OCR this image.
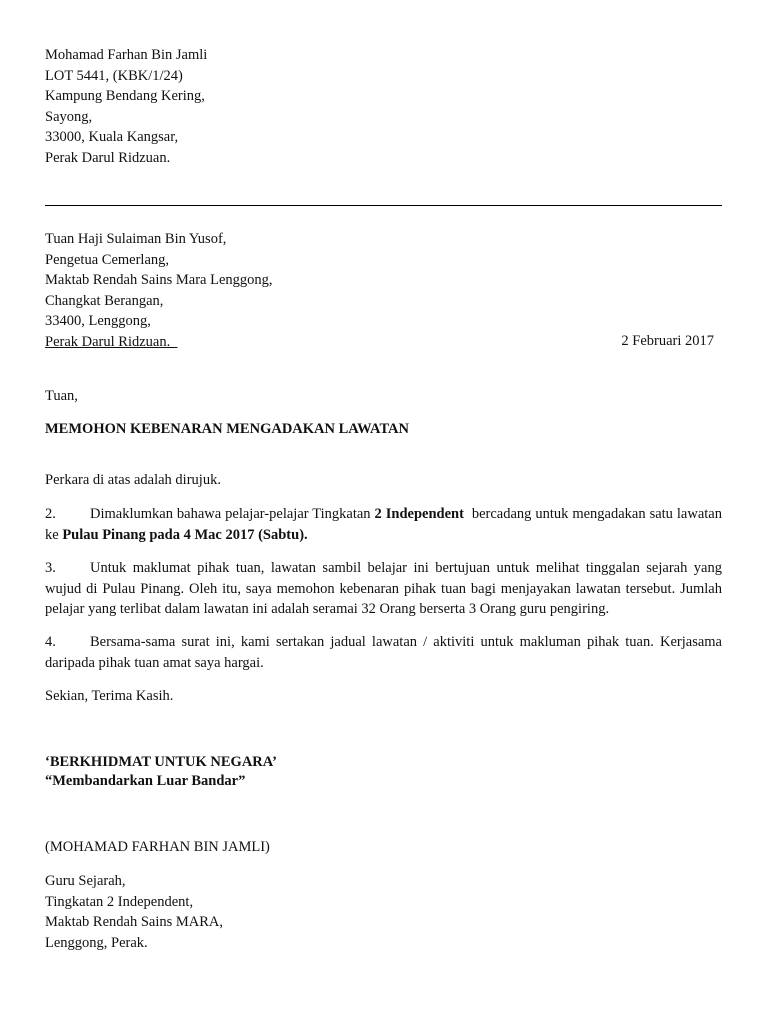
Mohamad Farhan Bin Jamli
LOT 5441, (KBK/1/24)
Kampung Bendang Kering,
Sayong,
33000, Kuala Kangsar,
Perak Darul Ridzuan.
Tuan Haji Sulaiman Bin Yusof,
Pengetua Cemerlang,
Maktab Rendah Sains Mara Lenggong,
Changkat Berangan,
33400, Lenggong,
Perak Darul Ridzuan.	2 Februari 2017
Tuan,
MEMOHON KEBENARAN MENGADAKAN LAWATAN
Perkara di atas adalah dirujuk.
2. Dimaklumkan bahawa pelajar-pelajar Tingkatan 2 Independent  bercadang untuk mengadakan satu lawatan ke Pulau Pinang pada 4 Mac 2017 (Sabtu).
3. Untuk maklumat pihak tuan, lawatan sambil belajar ini bertujuan untuk melihat tinggalan sejarah yang wujud di Pulau Pinang. Oleh itu, saya memohon kebenaran pihak tuan bagi menjayakan lawatan tersebut. Jumlah pelajar yang terlibat dalam lawatan ini adalah seramai 32 Orang berserta 3 Orang guru pengiring.
4. Bersama-sama surat ini, kami sertakan jadual lawatan / aktiviti untuk makluman pihak tuan. Kerjasama daripada pihak tuan amat saya hargai.
Sekian, Terima Kasih.
‘BERKHIDMAT UNTUK NEGARA’
“Membandarkan Luar Bandar”
(MOHAMAD FARHAN BIN JAMLI)
Guru Sejarah,
Tingkatan 2 Independent,
Maktab Rendah Sains MARA,
Lenggong, Perak.
